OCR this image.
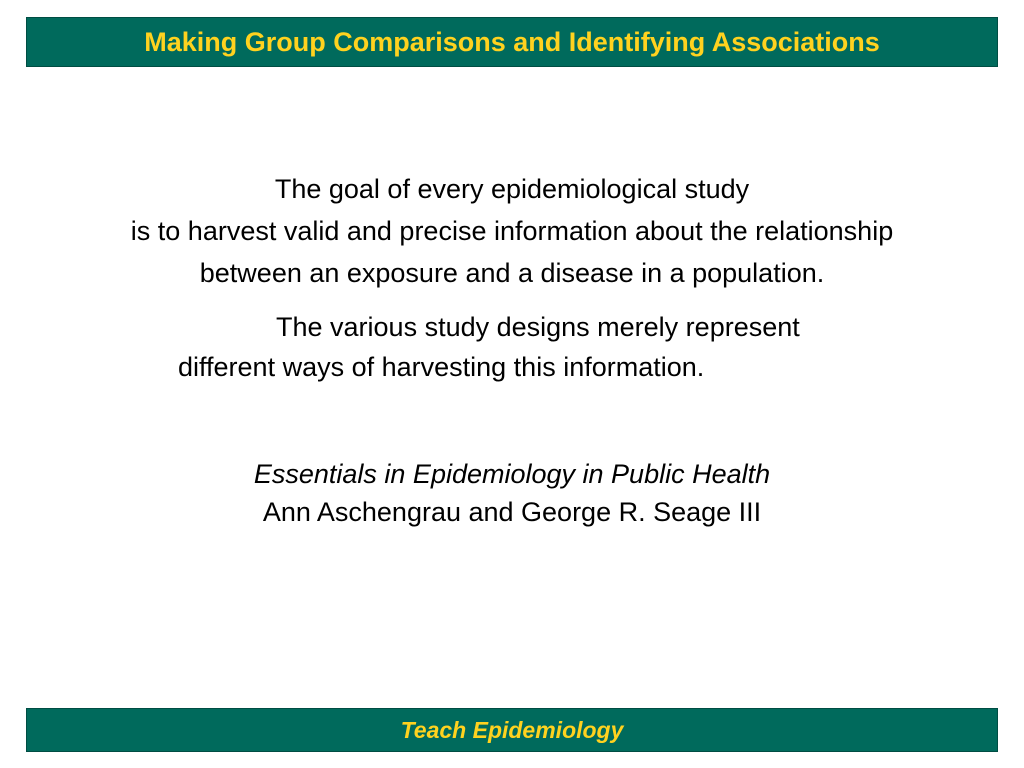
Making Group Comparisons and Identifying Associations
The goal of every epidemiological study
is to harvest valid and precise information about the relationship
between an exposure and a disease in a population.
The various study designs merely represent
different ways of harvesting this information.
Essentials in Epidemiology in Public Health
Ann Aschengrau and George R. Seage III
Teach Epidemiology
